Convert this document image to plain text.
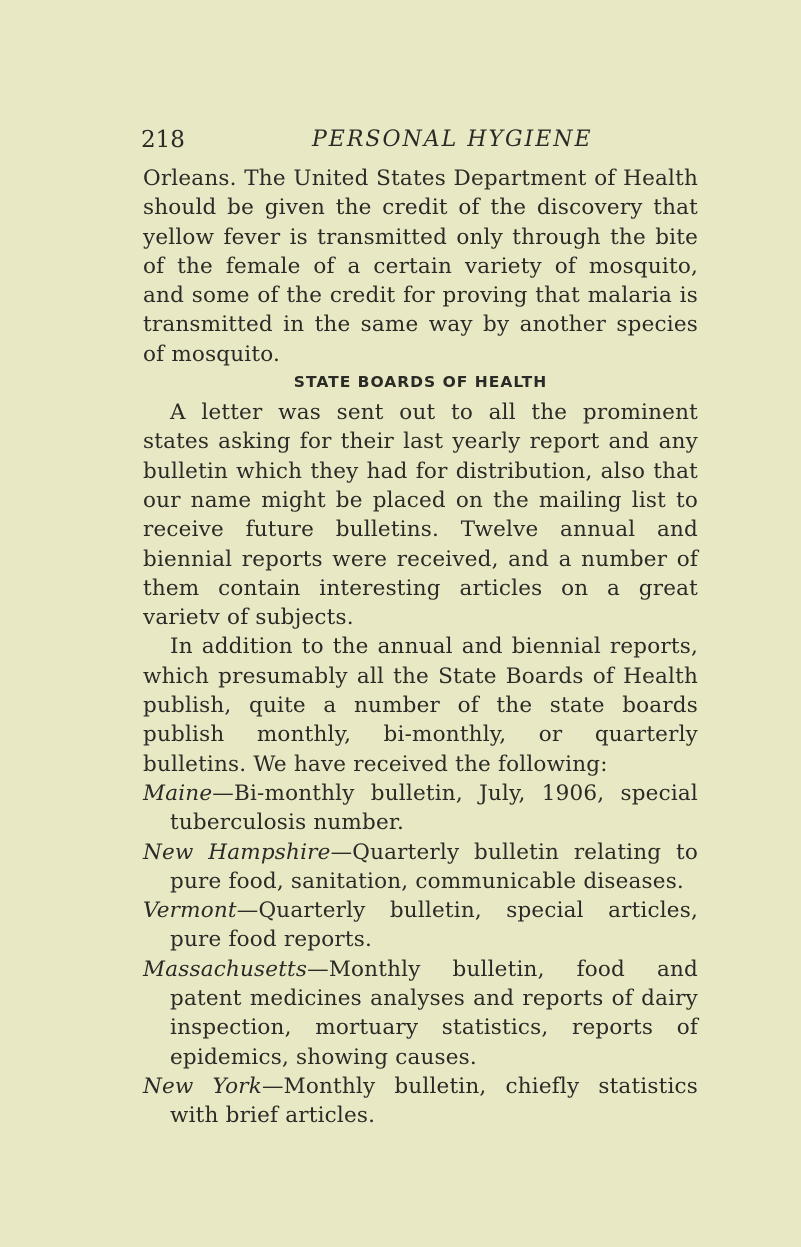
218	PERSONAL HYGIENE

Orleans. The United States Department of Health should be given the credit of the discovery that yellow fever is transmitted only through the bite of the female of a certain variety of mosquito, and some of the credit for proving that malaria is transmitted in the same way by another species of mosquito.

STATE BOARDS OF HEALTH

A letter was sent out to all the prominent states asking for their last yearly report and any bulletin which they had for distribution, also that our name might be placed on the mailing list to receive future bulletins. Twelve annual and biennial reports were received, and a number of them contain interesting articles on a great varietv of subjects.

In addition to the annual and biennial reports, which presumably all the State Boards of Health publish, quite a number of the state boards publish monthly, bi-monthly, or quarterly bulletins. We have received the following:

Maine—Bi-monthly bulletin, July, 1906, special tuberculosis number.

New Hampshire—Quarterly bulletin relating to pure food, sanitation, communicable diseases.

Vermont—Quarterly bulletin, special articles, pure food reports.

Massachusetts—Monthly bulletin, food and patent medicines analyses and reports of dairy inspection, mortuary statistics, reports of epidemics, showing causes.

New York—Monthly bulletin, chiefly statistics with brief articles.
